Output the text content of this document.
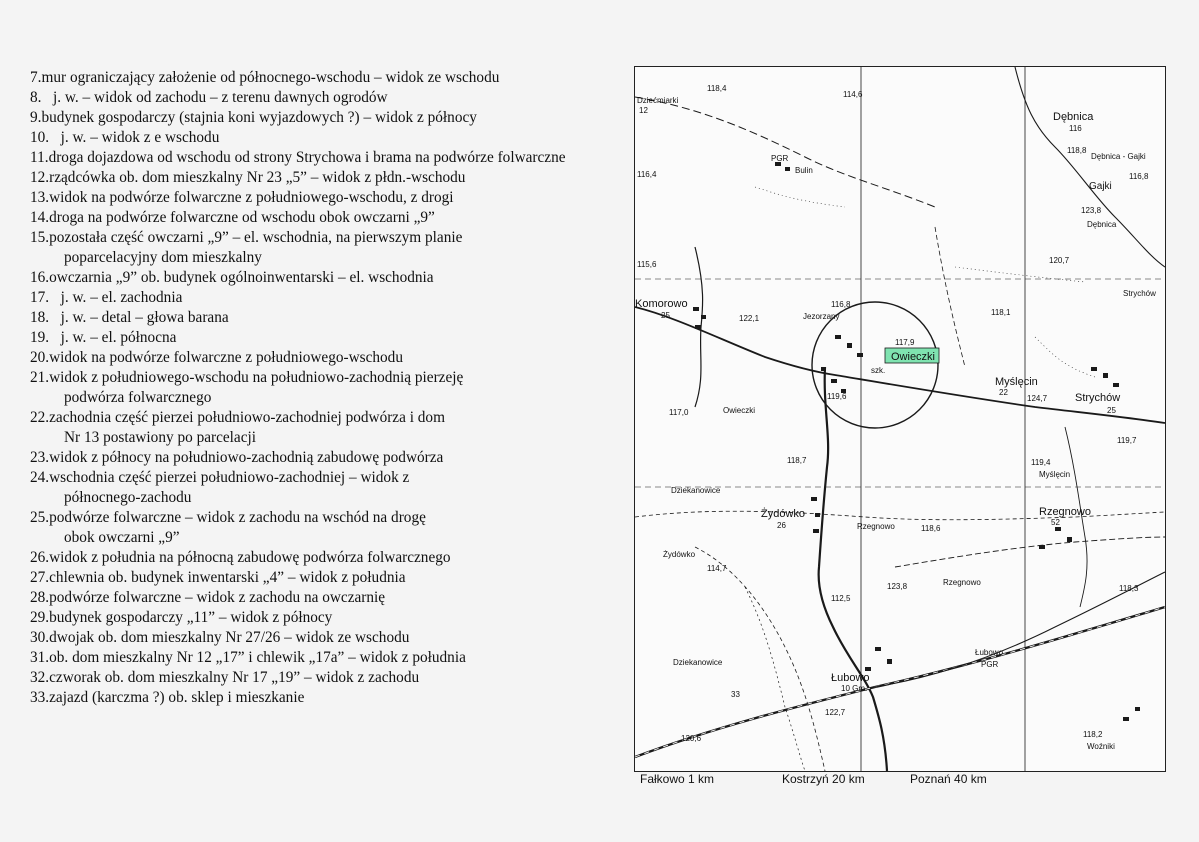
7.mur ograniczający założenie od północnego-wschodu – widok ze wschodu
8.   j. w. – widok od zachodu – z terenu dawnych ogrodów
9.budynek gospodarczy (stajnia koni wyjazdowych ?) – widok z północy
10.   j. w. – widok z e wschodu
11.droga dojazdowa od wschodu od strony Strychowa i brama na podwórze folwarczne
12.rządcówka ob. dom mieszkalny Nr 23 „5” – widok z płdn.-wschodu
13.widok na podwórze folwarczne z południowego-wschodu, z drogi
14.droga na podwórze folwarczne od wschodu obok owczarni „9”
15.pozostała część owczarni „9” – el. wschodnia, na pierwszym planie
poparcelacyjny dom mieszkalny
16.owczarnia „9” ob. budynek ogólnoinwentarski – el. wschodnia
17.   j. w. – el. zachodnia
18.   j. w. – detal – głowa barana
19.   j. w. – el. północna
20.widok na podwórze folwarczne z południowego-wschodu
21.widok z południowego-wschodu na południowo-zachodnią pierzeję
podwórza folwarcznego
22.zachodnia część pierzei południowo-zachodniej podwórza i dom
Nr 13 postawiony po parcelacji
23.widok z północy na południowo-zachodnią zabudowę podwórza
24.wschodnia część pierzei południowo-zachodniej – widok z
północnego-zachodu
25.podwórze folwarczne – widok z zachodu na wschód na drogę
obok owczarni „9”
26.widok z południa na północną zabudowę podwórza folwarcznego
27.chlewnia ob. budynek inwentarski „4” – widok z południa
28.podwórze folwarczne – widok z zachodu na owczarnię
29.budynek gospodarczy „11” – widok z północy
30.dwojak ob. dom mieszkalny Nr 27/26 – widok ze wschodu
31.ob. dom mieszkalny Nr 12 „17” i chlewik „17a” – widok z południa
32.czworak ob. dom mieszkalny Nr 17 „19” – widok z zachodu
33.zajazd (karczma ?) ob. sklep i mieszkanie
Dziećmiarki
12
118,4
114,6
Dębnica
116
118,8
Dębnica - Gajki
PGR
Bulin
116,4
Gajki
116,8
123,8
Dębnica
115,6	120,7
Strychów
Komorowo
25	122,1
116,8
Jezorzany	118,1
117,9
Owieczki
szk.
Myślęcin
22
124,7	Strychów
25
117,0	Owieczki
119,6
119,7
118,7	119,4
Myślęcin
Dziekanowice
Żydówko
26	Rzegnowo	118,6
Rzegnowo
52
Żydówko
114,7
123,8	Rzegnowo
118,3
112,5
Dziekanowice
Łubowo
PGR
Łubowo
10 Gm.
122,7
33
120,6	118,2
Woźniki
Fałkowo 1 km	Kostrzyń 20 km	Poznań 40 km
